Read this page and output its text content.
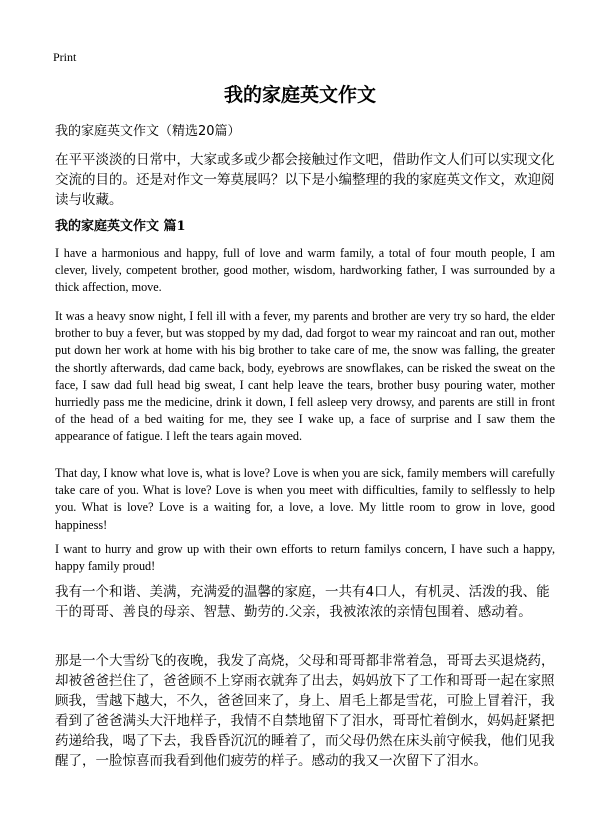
Print
我的家庭英文作文
我的家庭英文作文（精选20篇）
在平平淡淡的日常中，大家或多或少都会接触过作文吧，借助作文人们可以实现文化交流的目的。还是对作文一筹莫展吗？以下是小编整理的我的家庭英文作文，欢迎阅读与收藏。
我的家庭英文作文 篇1
I have a harmonious and happy, full of love and warm family, a total of four mouth people, I am clever, lively, competent brother, good mother, wisdom, hardworking father, I was surrounded by a thick affection, move.
It was a heavy snow night, I fell ill with a fever, my parents and brother are very try so hard, the elder brother to buy a fever, but was stopped by my dad, dad forgot to wear my raincoat and ran out, mother put down her work at home with his big brother to take care of me, the snow was falling, the greater the shortly afterwards, dad came back, body, eyebrows are snowflakes, can be risked the sweat on the face, I saw dad full head big sweat, I cant help leave the tears, brother busy pouring water, mother hurriedly pass me the medicine, drink it down, I fell asleep very drowsy, and parents are still in front of the head of a bed waiting for me, they see I wake up, a face of surprise and I saw them the appearance of fatigue. I left the tears again moved.
That day, I know what love is, what is love? Love is when you are sick, family members will carefully take care of you. What is love? Love is when you meet with difficulties, family to selflessly to help you. What is love? Love is a waiting for, a love, a love. My little room to grow in love, good happiness!
I want to hurry and grow up with their own efforts to return familys concern, I have such a happy, happy family proud!
我有一个和谐、美满，充满爱的温馨的家庭，一共有4口人，有机灵、活泼的我、能干的哥哥、善良的母亲、智慧、勤劳的.父亲，我被浓浓的亲情包围着、感动着。
那是一个大雪纷飞的夜晚，我发了高烧，父母和哥哥都非常着急，哥哥去买退烧药，却被爸爸拦住了，爸爸顾不上穿雨衣就奔了出去，妈妈放下了工作和哥哥一起在家照顾我，雪越下越大，不久，爸爸回来了，身上、眉毛上都是雪花，可脸上冒着汗，我看到了爸爸满头大汗地样子，我情不自禁地留下了泪水，哥哥忙着倒水，妈妈赶紧把药递给我，喝了下去，我昏昏沉沉的睡着了，而父母仍然在床头前守候我，他们见我醒了，一脸惊喜而我看到他们疲劳的样子。感动的我又一次留下了泪水。
